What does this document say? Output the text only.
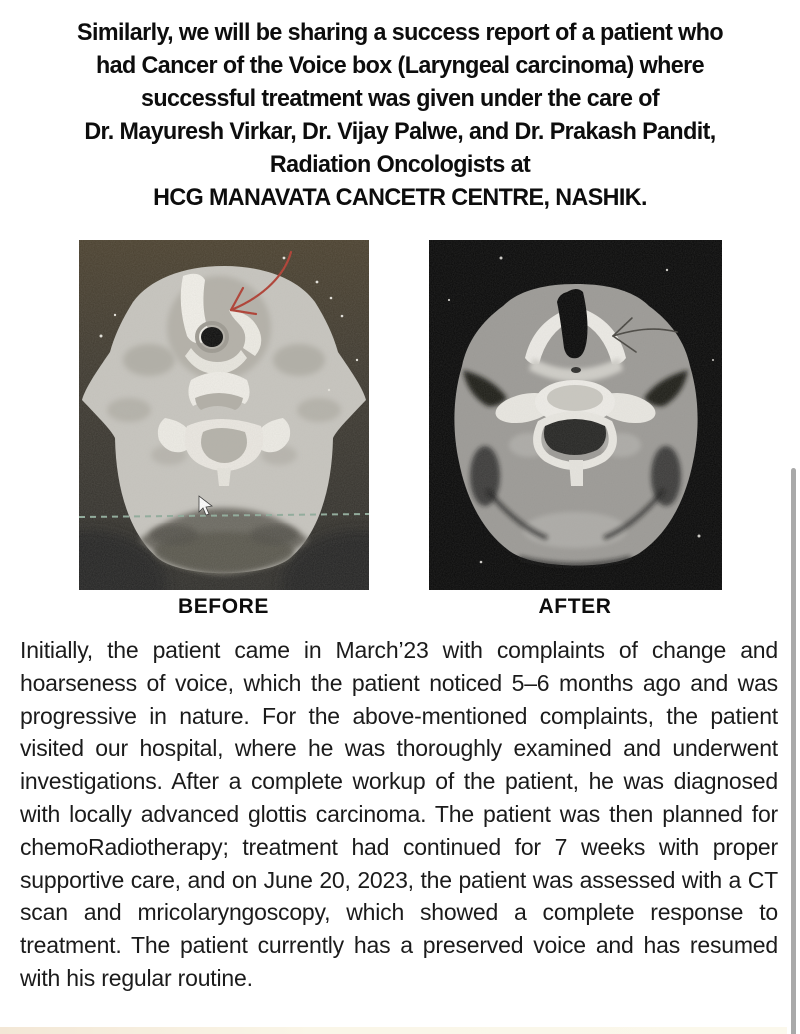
Similarly, we will be sharing a success report of a patient who
had Cancer of the Voice box (Laryngeal carcinoma) where
successful treatment was given under the care of
Dr. Mayuresh Virkar, Dr. Vijay Palwe, and Dr. Prakash Pandit,
Radiation Oncologists at
HCG MANAVATA CANCETR CENTRE, NASHIK.
BEFORE	AFTER

Initially, the patient came in March’23 with complaints of change and hoarseness of voice, which the patient noticed 5–6 months ago and was progressive in nature. For the above-mentioned complaints, the patient visited our hospital, where he was thoroughly examined and underwent investigations. After a complete workup of the patient, he was diagnosed with locally advanced glottis carcinoma. The patient was then planned for chemoRadiotherapy; treatment had continued for 7 weeks with proper supportive care, and on June 20, 2023, the patient was assessed with a CT scan and mricolaryngoscopy, which showed a complete response to treatment. The patient currently has a preserved voice and has resumed with his regular routine.
